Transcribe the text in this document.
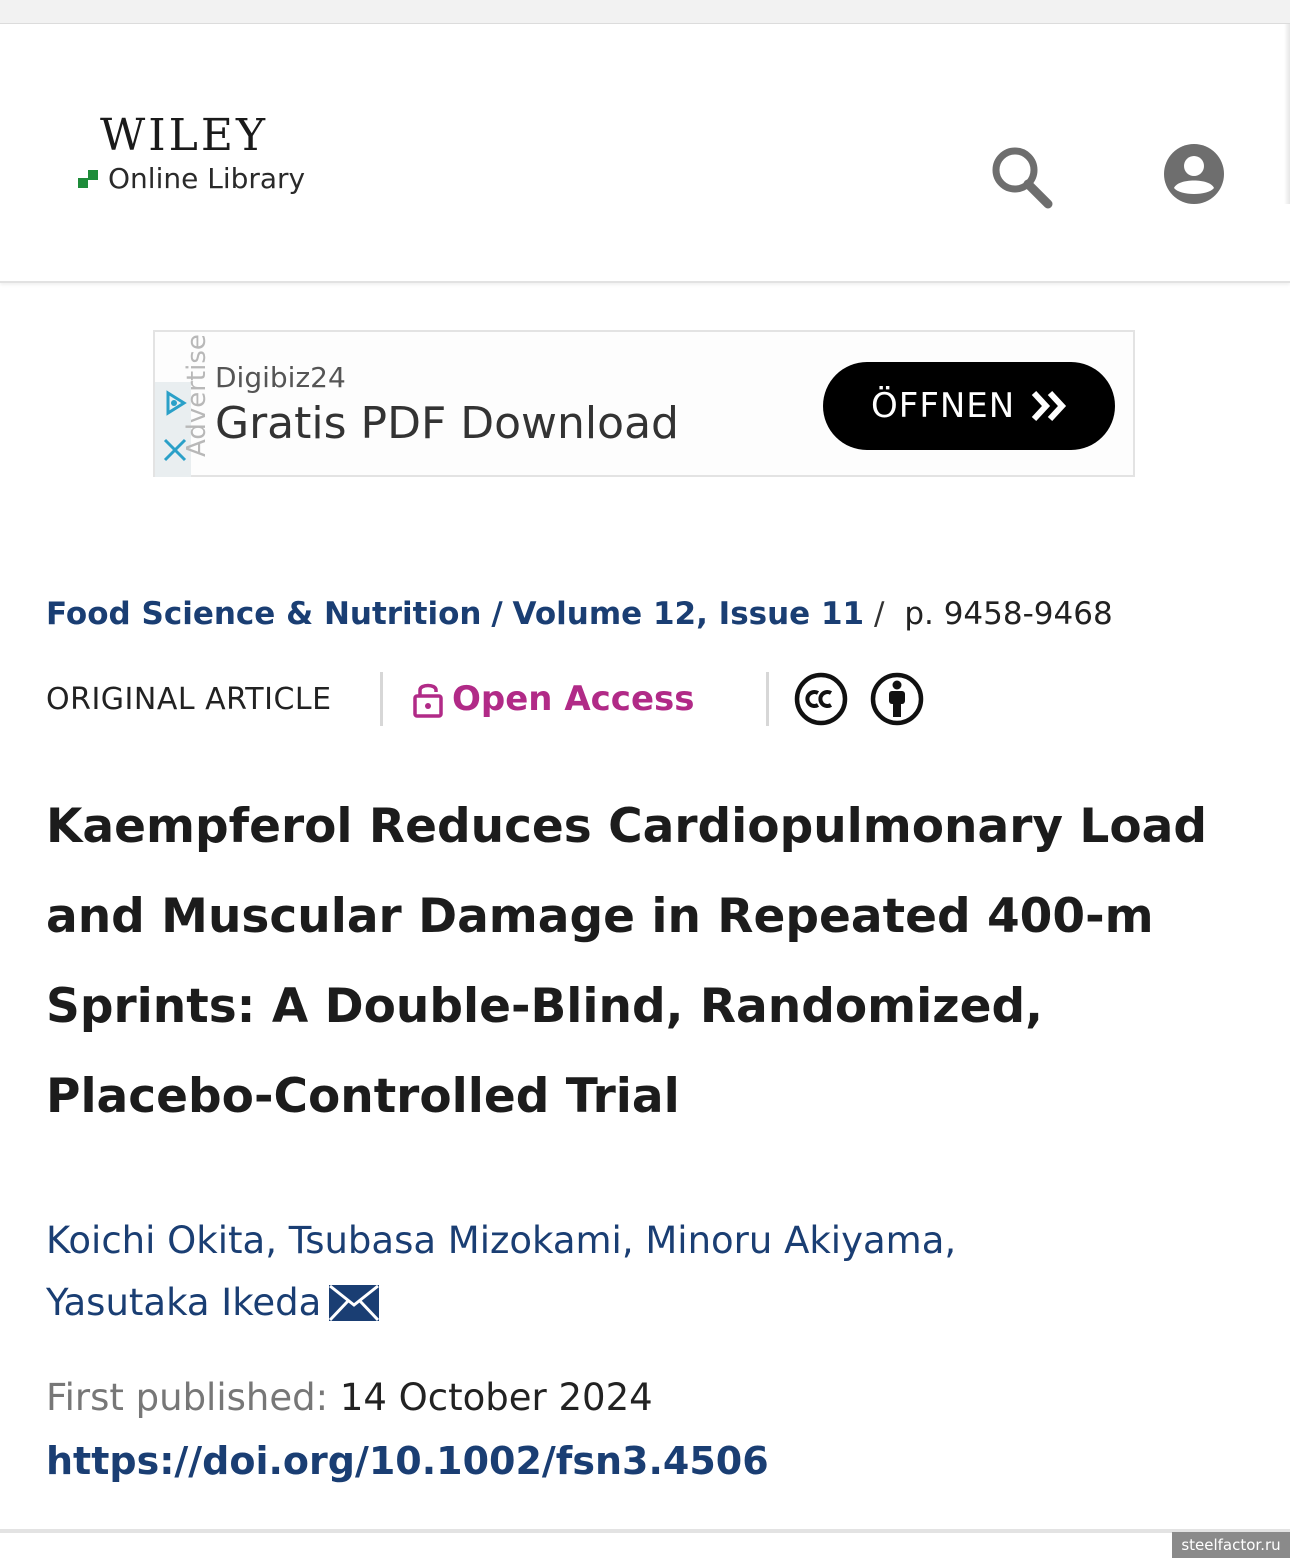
WILEY
Online Library
Advertise Digibiz24
Gratis PDF Download	ÖFFNEN
Food Science & Nutrition / Volume 12, Issue 11 / p. 9458-9468
ORIGINAL ARTICLE	Open Access
Kaempferol Reduces Cardiopulmonary Load
and Muscular Damage in Repeated 400-m
Sprints: A Double-Blind, Randomized,
Placebo-Controlled Trial
Koichi Okita, Tsubasa Mizokami, Minoru Akiyama,
Yasutaka Ikeda
First published: 14 October 2024
https://doi.org/10.1002/fsn3.4506
steelfactor.ru
